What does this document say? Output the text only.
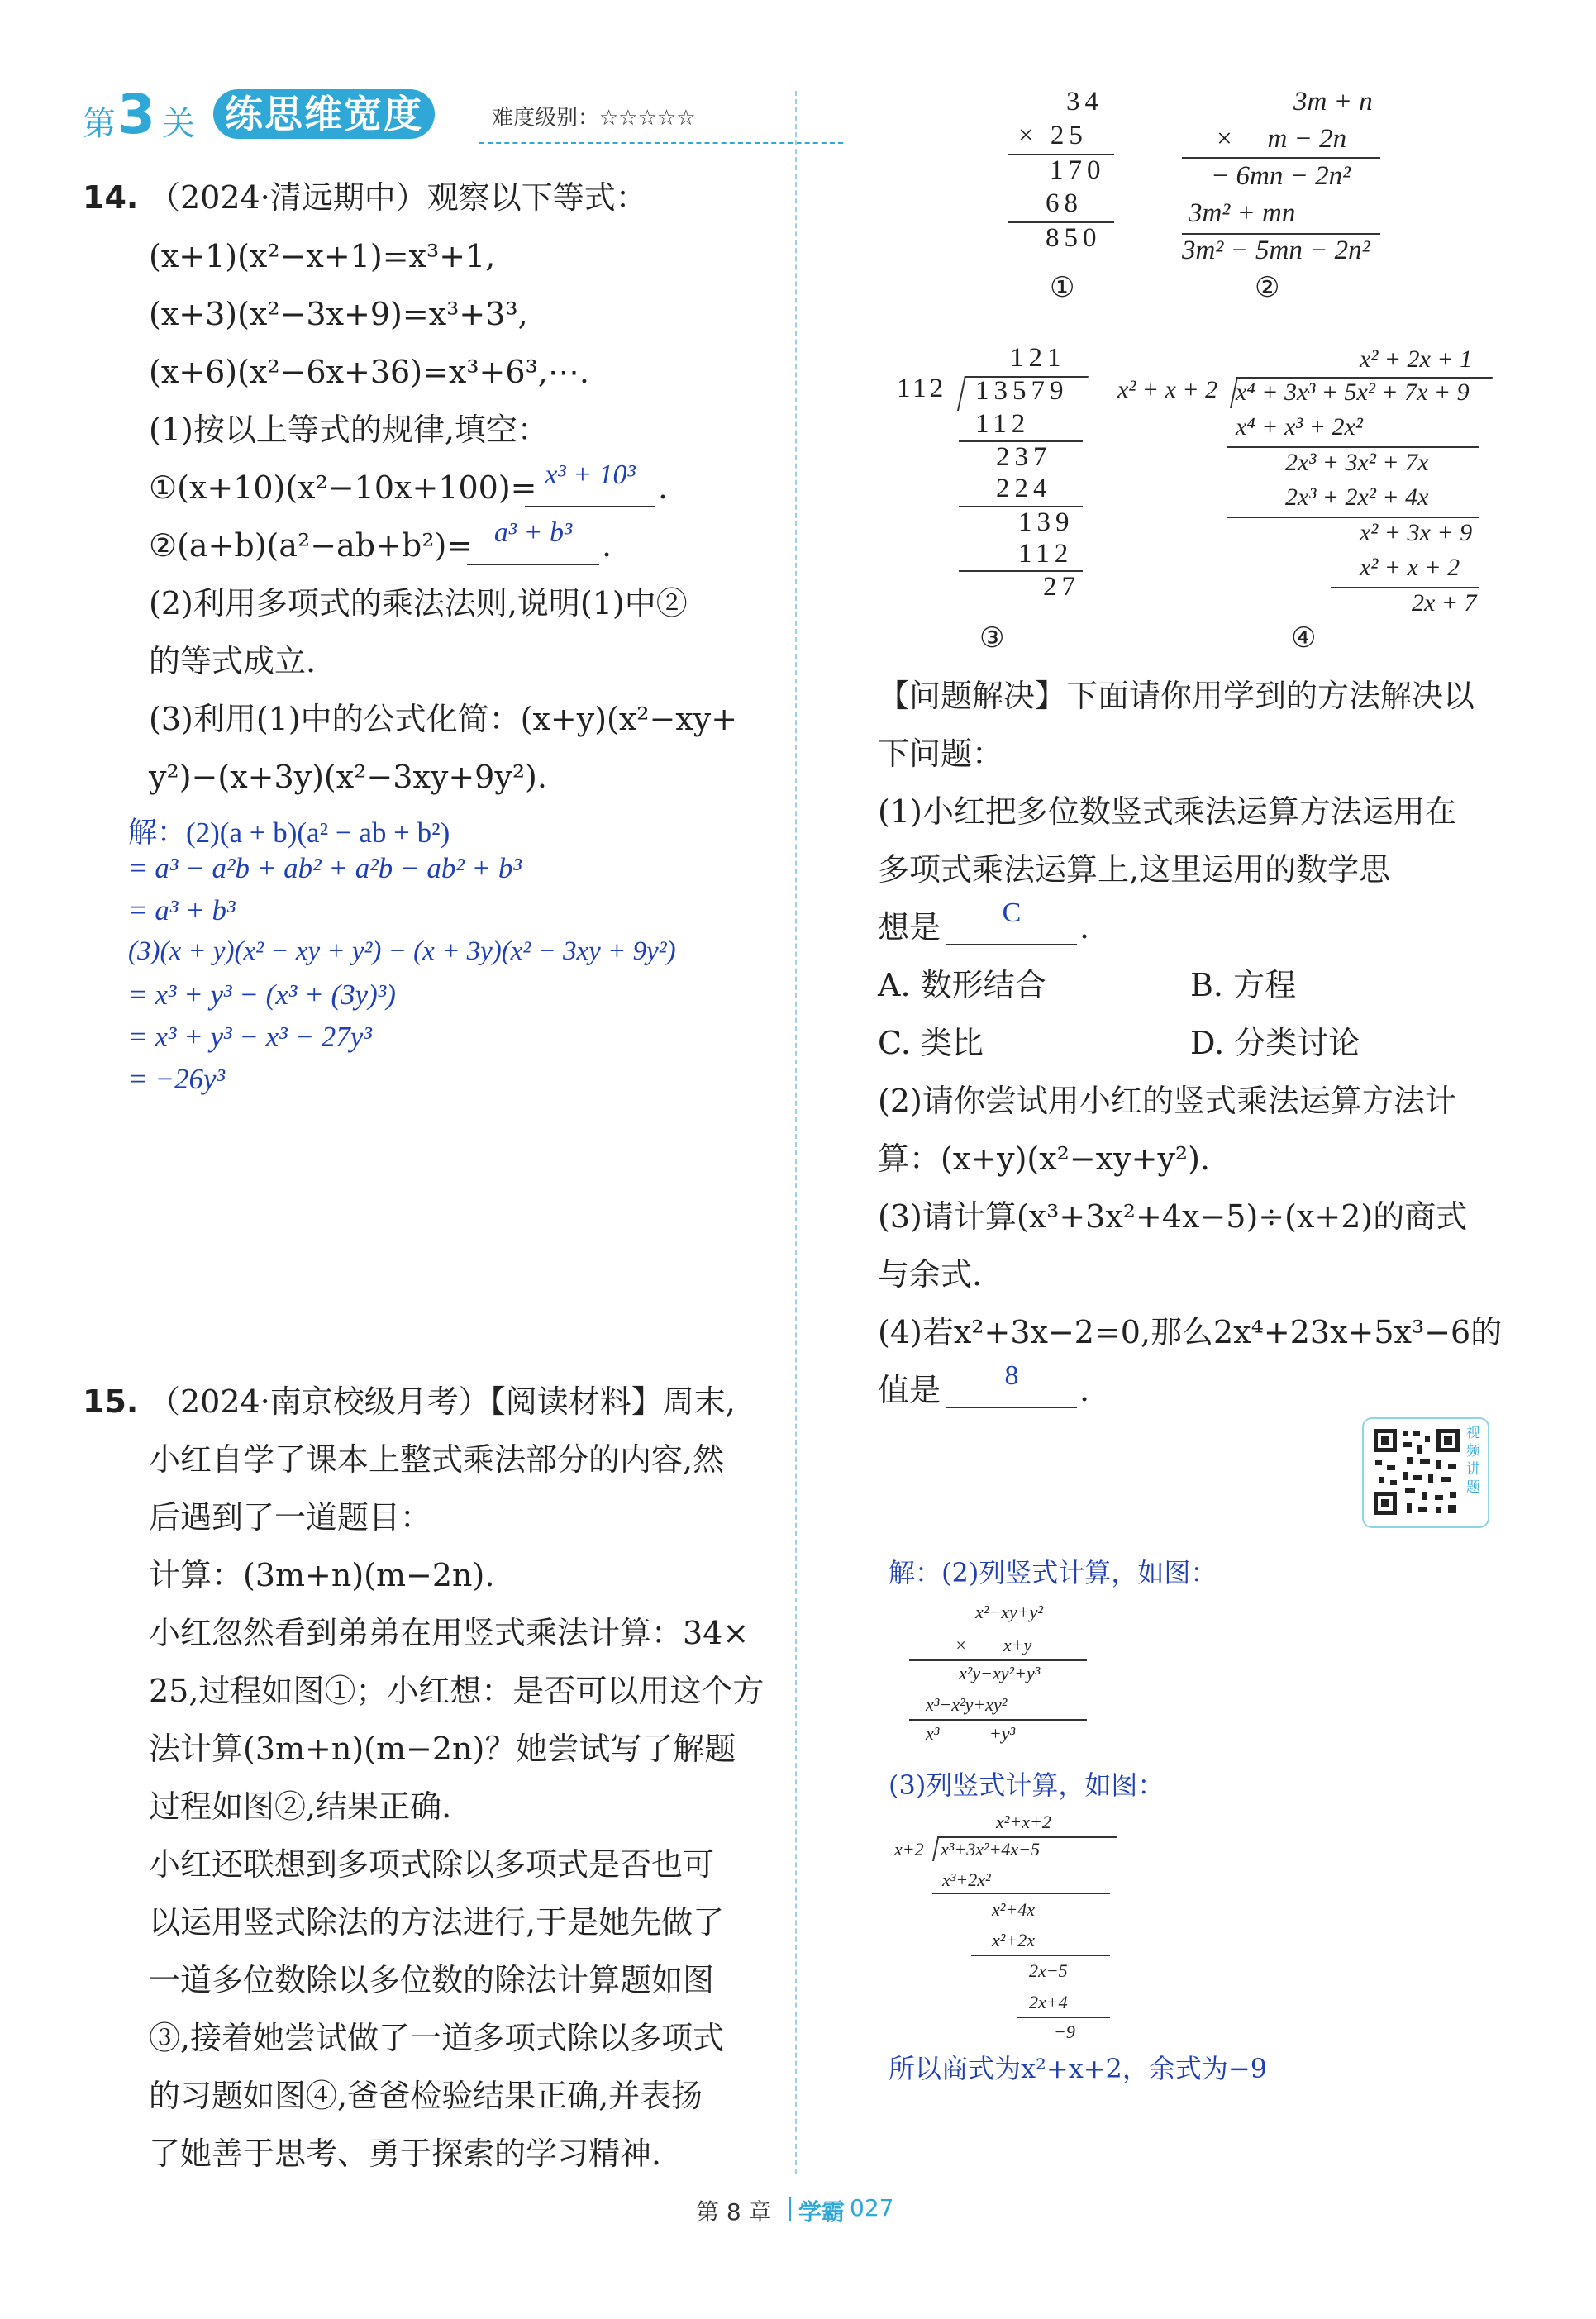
第 3 关 练思维宽度	难度级别：☆☆☆☆☆
14. （2024·清远期中）观察以下等式：
(x+1)(x²−x+1)=x³+1,
(x+3)(x²−3x+9)=x³+3³,
(x+6)(x²−6x+36)=x³+6³,⋯.
(1)按以上等式的规律,填空：
①(x+10)(x²−10x+100)= x³ + 10³ .
②(a+b)(a²−ab+b²)= a³ + b³ .
(2)利用多项式的乘法法则,说明(1)中②
的等式成立.
(3)利用(1)中的公式化简：(x+y)(x²−xy+
y²)−(x+3y)(x²−3xy+9y²).
解：(2)(a + b)(a² − ab + b²)
= a³ − a²b + ab² + a²b − ab² + b³
= a³ + b³
(3)(x + y)(x² − xy + y²) − (x + 3y)(x² − 3xy + 9y²)
= x³ + y³ − (x³ + (3y)³)
= x³ + y³ − x³ − 27y³
= −26y³
15. （2024·南京校级月考）【阅读材料】周末,
小红自学了课本上整式乘法部分的内容,然
后遇到了一道题目：
计算：(3m+n)(m−2n).
小红忽然看到弟弟在用竖式乘法计算：34×
25,过程如图①；小红想：是否可以用这个方
法计算(3m+n)(m−2n)？她尝试写了解题
过程如图②,结果正确.
小红还联想到多项式除以多项式是否也可
以运用竖式除法的方法进行,于是她先做了
一道多位数除以多位数的除法计算题如图
③,接着她尝试做了一道多项式除以多项式
的习题如图④,爸爸检验结果正确,并表扬
了她善于思考、勇于探索的学习精神.
34
× 25
170
68
850
①
3m + n
×     m − 2n
− 6mn − 2n²
3m² + mn
3m² − 5mn − 2n²
②
121
112 13579
112
237
224
139
112
27
③
x² + 2x + 1
x² + x + 2 x⁴ + 3x³ + 5x² + 7x + 9
x⁴ + x³ + 2x²
2x³ + 3x² + 7x
2x³ + 2x² + 4x
x² + 3x + 9
x² + x + 2
2x + 7
④
【问题解决】下面请你用学到的方法解决以
下问题：
(1)小红把多位数竖式乘法运算方法运用在
多项式乘法运算上,这里运用的数学思
想是	C	.
A. 数形结合	B. 方程
C. 类比	D. 分类讨论
(2)请你尝试用小红的竖式乘法运算方法计
算：(x+y)(x²−xy+y²).
(3)请计算(x³+3x²+4x−5)÷(x+2)的商式
与余式.
(4)若x²+3x−2=0,那么2x⁴+23x+5x³−6的
值是	8	.
视频讲题
解：(2)列竖式计算，如图：
x²−xy+y²
×        x+y
x²y−xy²+y³
x³−x²y+xy²
x³           +y³
(3)列竖式计算，如图：
x²+x+2
x+2 x³+3x²+4x−5
x³+2x²
x²+4x
x²+2x
2x−5
2x+4
−9
所以商式为x²+x+2，余式为−9
第 8 章 学霸 027
